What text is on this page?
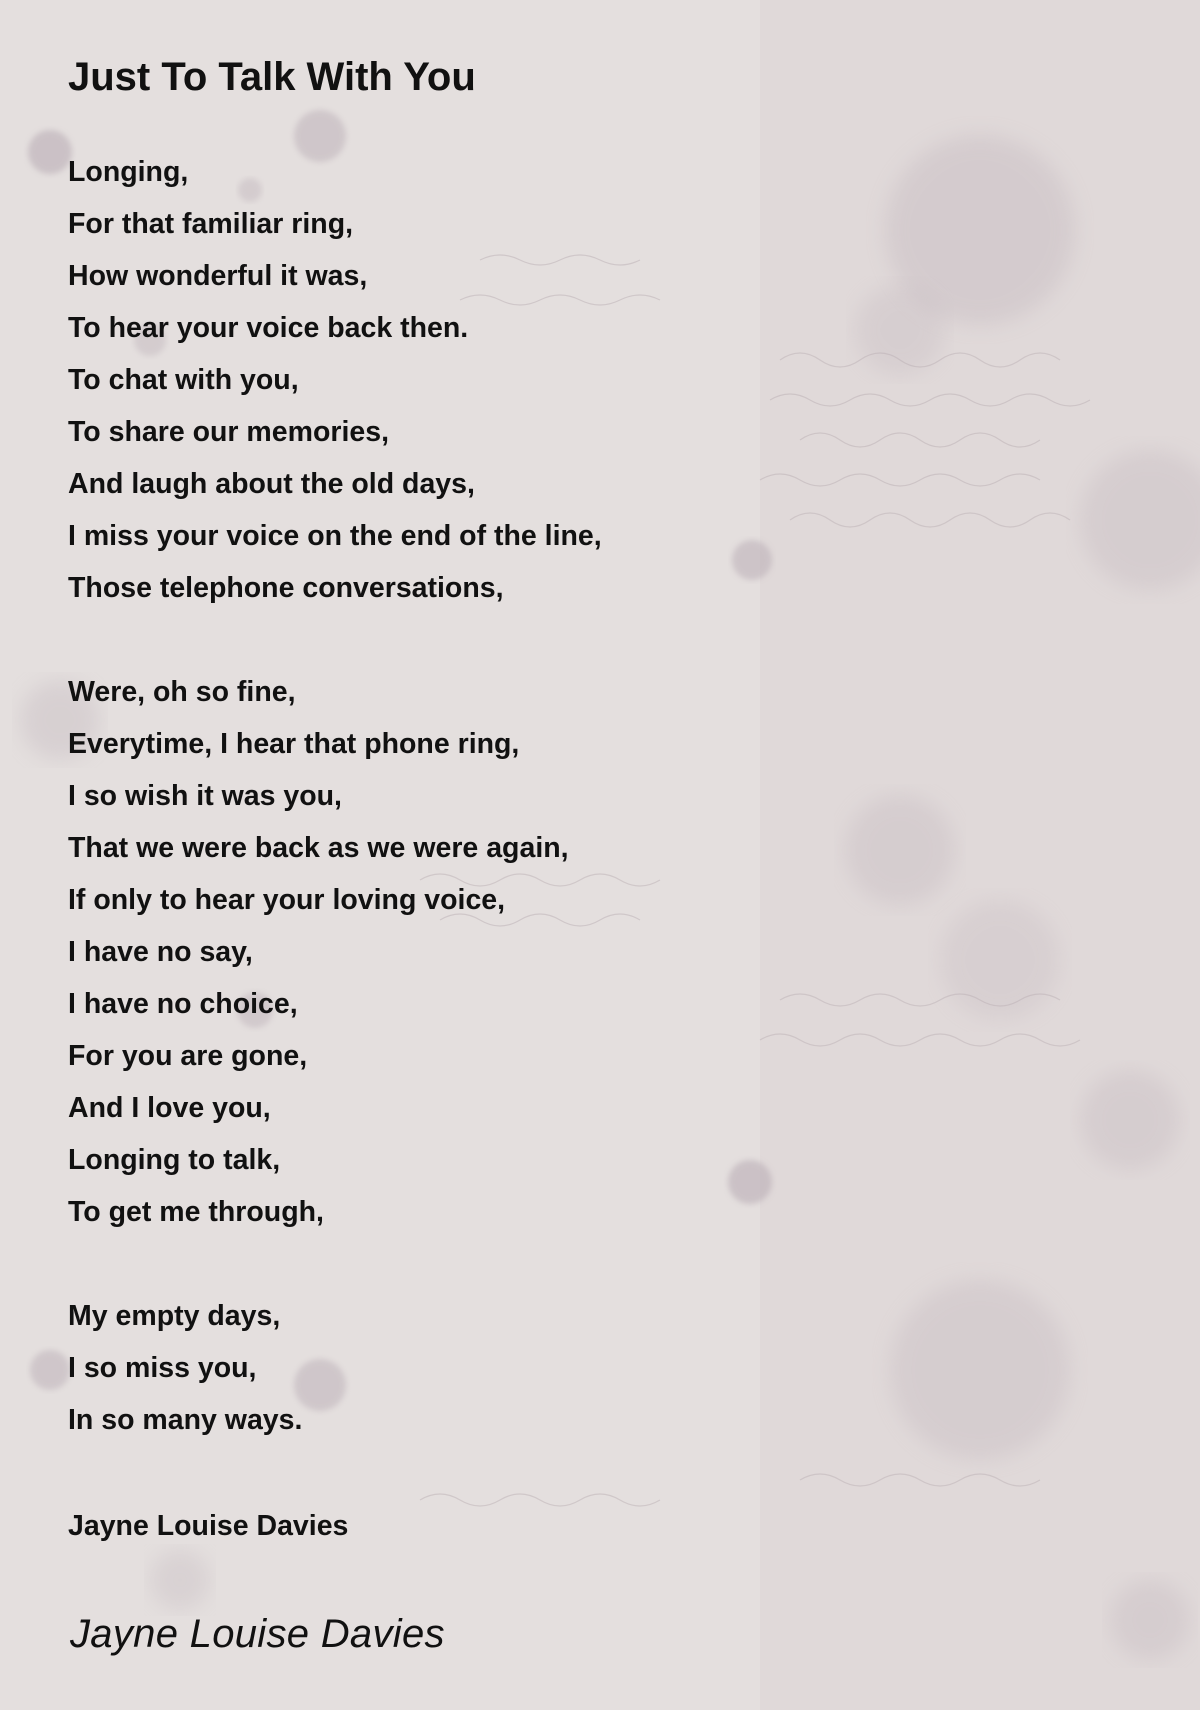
Just To Talk With You
Longing,
For that familiar ring,
How wonderful it was,
To hear your voice back then.
To chat with you,
To share our memories,
And laugh about the old days,
I miss your voice on the end of the line,
Those telephone conversations,
Were, oh so fine,
Everytime, I hear that phone ring,
I so wish it was you,
That we were back as we were again,
If only to hear your loving voice,
I have no say,
I have no choice,
For you are gone,
And I love you,
Longing to talk,
To get me through,
My empty days,
I so miss you,
In so many ways.
Jayne Louise Davies
Jayne Louise Davies
